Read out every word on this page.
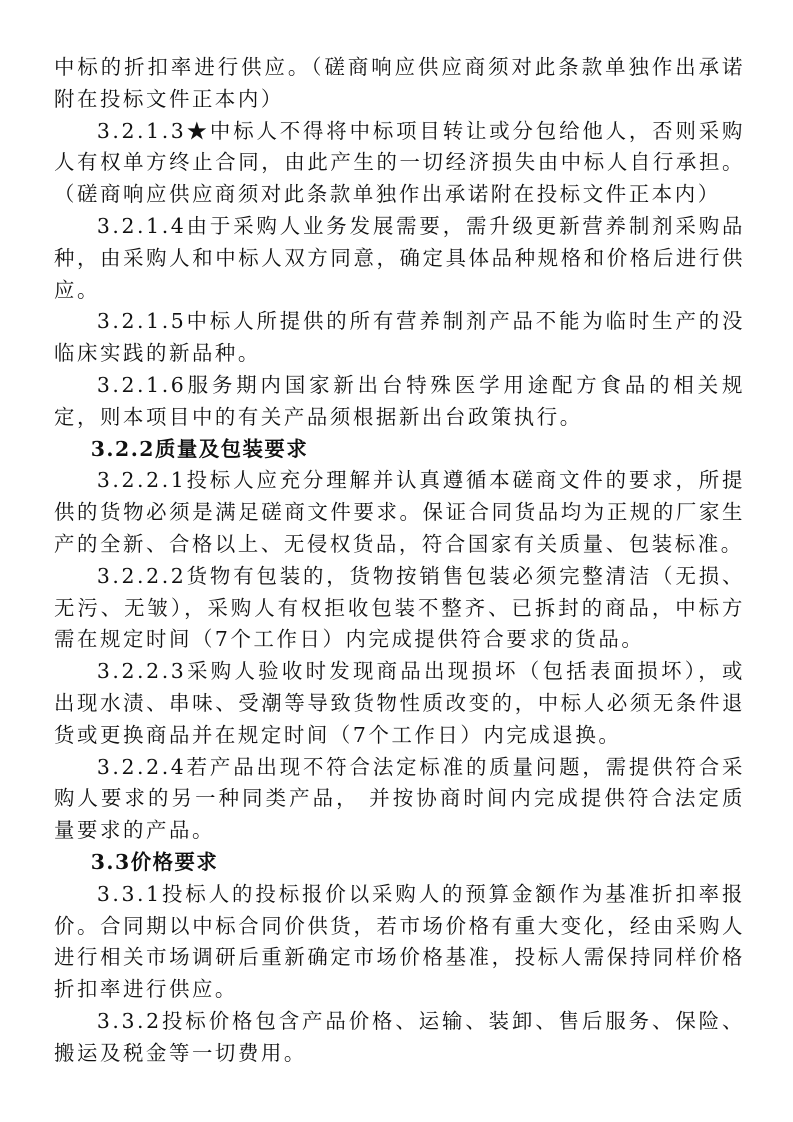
中标的折扣率进行供应。（磋商响应供应商须对此条款单独作出承诺附在投标文件正本内）

3.2.1.3★中标人不得将中标项目转让或分包给他人，否则采购人有权单方终止合同，由此产生的一切经济损失由中标人自行承担。（磋商响应供应商须对此条款单独作出承诺附在投标文件正本内）

3.2.1.4由于采购人业务发展需要，需升级更新营养制剂采购品种，由采购人和中标人双方同意，确定具体品种规格和价格后进行供应。

3.2.1.5中标人所提供的所有营养制剂产品不能为临时生产的没临床实践的新品种。

3.2.1.6服务期内国家新出台特殊医学用途配方食品的相关规定，则本项目中的有关产品须根据新出台政策执行。

3.2.2质量及包装要求

3.2.2.1投标人应充分理解并认真遵循本磋商文件的要求，所提供的货物必须是满足磋商文件要求。保证合同货品均为正规的厂家生产的全新、合格以上、无侵权货品，符合国家有关质量、包装标准。

3.2.2.2货物有包装的，货物按销售包装必须完整清洁（无损、无污、无皱），采购人有权拒收包装不整齐、已拆封的商品，中标方需在规定时间（7个工作日）内完成提供符合要求的货品。

3.2.2.3采购人验收时发现商品出现损坏（包括表面损坏），或出现水渍、串味、受潮等导致货物性质改变的，中标人必须无条件退货或更换商品并在规定时间（7个工作日）内完成退换。

3.2.2.4若产品出现不符合法定标准的质量问题，需提供符合采购人要求的另一种同类产品， 并按协商时间内完成提供符合法定质量要求的产品。

3.3价格要求

3.3.1投标人的投标报价以采购人的预算金额作为基准折扣率报价。合同期以中标合同价供货，若市场价格有重大变化，经由采购人进行相关市场调研后重新确定市场价格基准，投标人需保持同样价格折扣率进行供应。

3.3.2投标价格包含产品价格、运输、装卸、售后服务、保险、搬运及税金等一切费用。
